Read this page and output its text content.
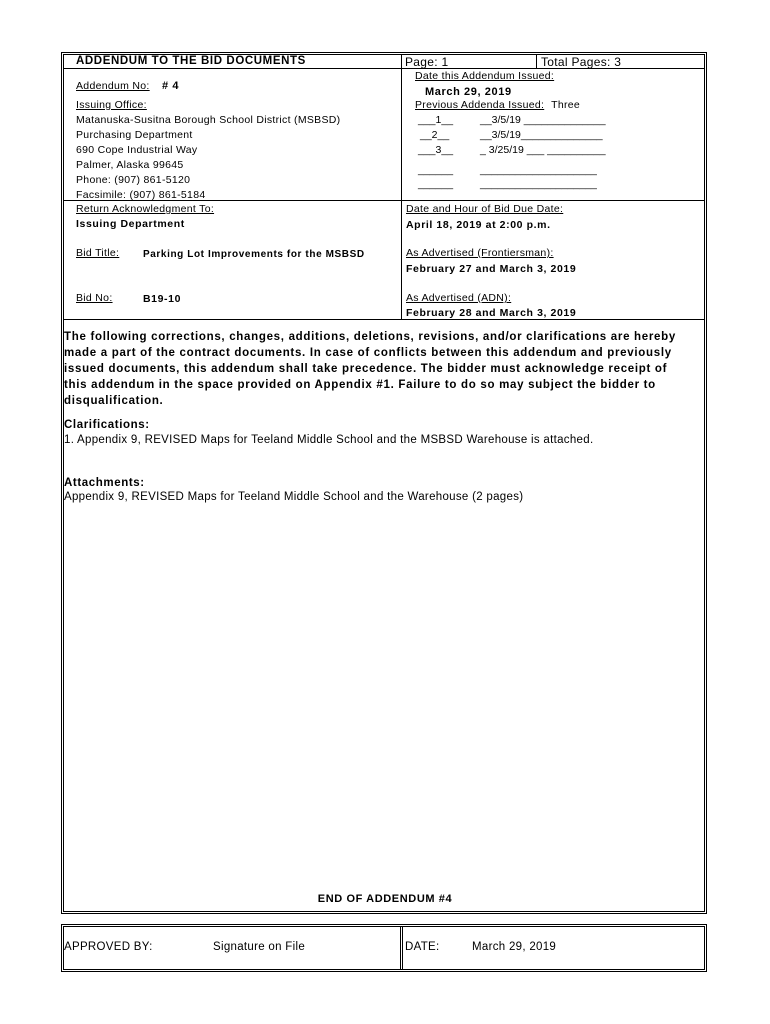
ADDENDUM TO THE BID DOCUMENTS	Page: 1	Total Pages: 3
Addendum No: # 4
Date this Addendum Issued:
March 29, 2019
Issuing Office:
Matanuska-Susitna Borough School District (MSBSD)
Purchasing Department
690 Cope Industrial Way
Palmer, Alaska 99645
Phone: (907) 861-5120
Facsimile: (907) 861-5184
Previous Addenda Issued: Three
___1__	__3/5/19 ______________
__2__	__3/5/19______________
___3__	_ 3/25/19 ___ __________
______	____________________
______	____________________
Return Acknowledgment To:
Issuing Department
Date and Hour of Bid Due Date:
April 18, 2019 at 2:00 p.m.
Bid Title: Parking Lot Improvements for the MSBSD	As Advertised (Frontiersman):
February 27 and March 3, 2019
Bid No:	B19-10	As Advertised (ADN):
February 28 and March 3, 2019
The following corrections, changes, additions, deletions, revisions, and/or clarifications are hereby
made a part of the contract documents. In case of conflicts between this addendum and previously
issued documents, this addendum shall take precedence. The bidder must acknowledge receipt of
this addendum in the space provided on Appendix #1. Failure to do so may subject the bidder to
disqualification.
Clarifications:
1. Appendix 9, REVISED Maps for Teeland Middle School and the MSBSD Warehouse is attached.
Attachments:
Appendix 9, REVISED Maps for Teeland Middle School and the Warehouse (2 pages)
END OF ADDENDUM #4
APPROVED BY:	Signature on File	DATE:	March 29, 2019
